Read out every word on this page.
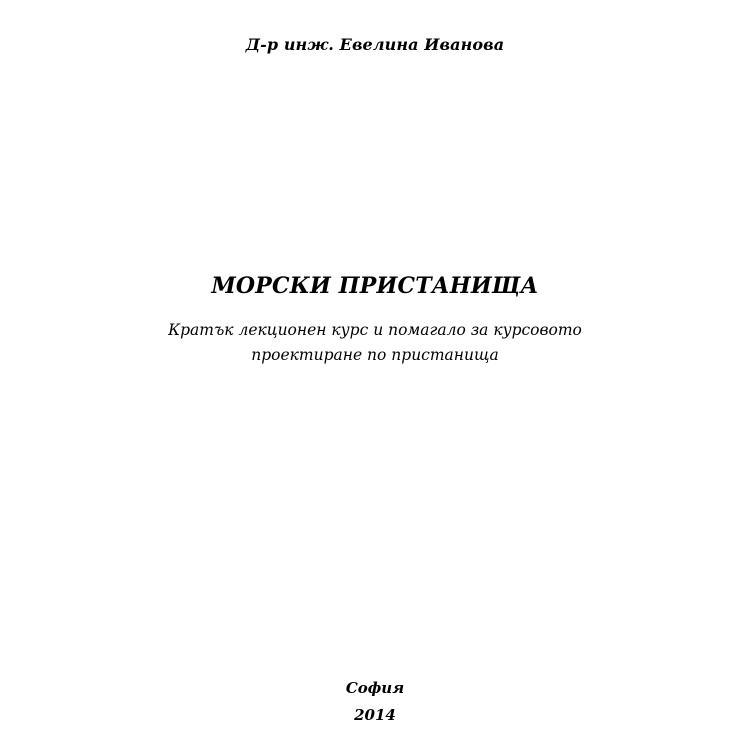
Д-р инж. Евелина Иванова
МОРСКИ ПРИСТАНИЩА
Кратък лекционен курс и помагало за курсовото
проектиране по пристанища
София
2014
